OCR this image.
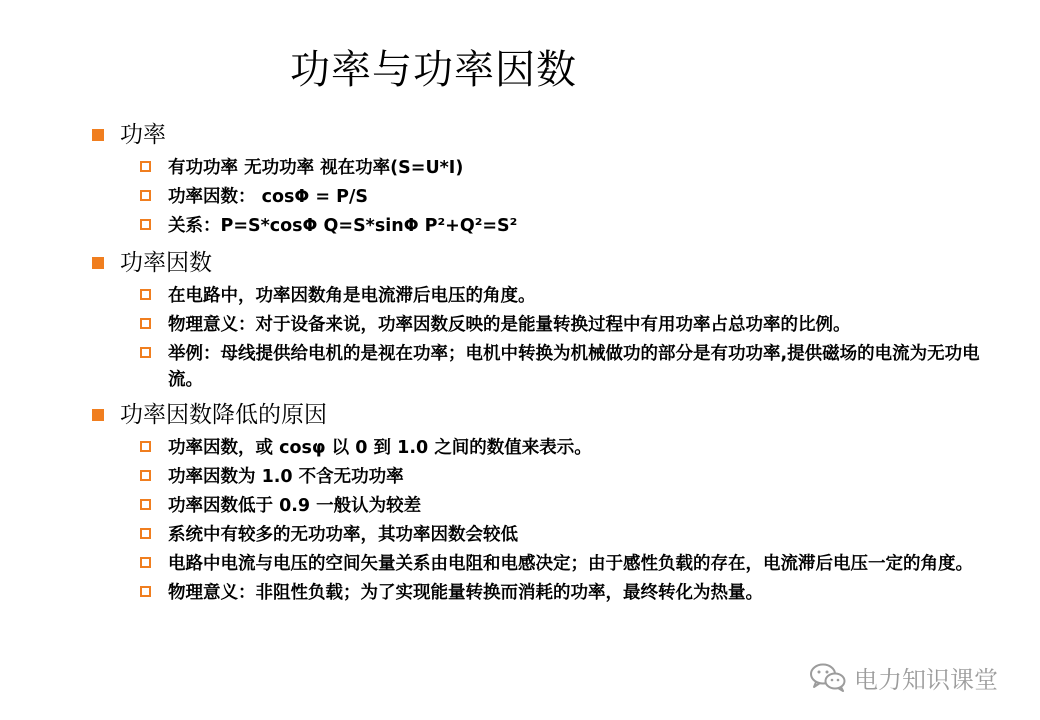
功率与功率因数
功率
有功功率 无功功率 视在功率(S=U*I)
功率因数： cosΦ = P/S
关系：P=S*cosΦ Q=S*sinΦ P²+Q²=S²
功率因数
在电路中，功率因数角是电流滞后电压的角度。
物理意义：对于设备来说，功率因数反映的是能量转换过程中有用功率占总功率的比例。
举例：母线提供给电机的是视在功率；电机中转换为机械做功的部分是有功功率,提供磁场的电流为无功电流。
功率因数降低的原因
功率因数，或 cosφ 以 0 到 1.0 之间的数值来表示。
功率因数为 1.0 不含无功功率
功率因数低于 0.9 一般认为较差
系统中有较多的无功功率，其功率因数会较低
电路中电流与电压的空间矢量关系由电阻和电感决定；由于感性负载的存在，电流滞后电压一定的角度。
物理意义：非阻性负载；为了实现能量转换而消耗的功率，最终转化为热量。
电力知识课堂
